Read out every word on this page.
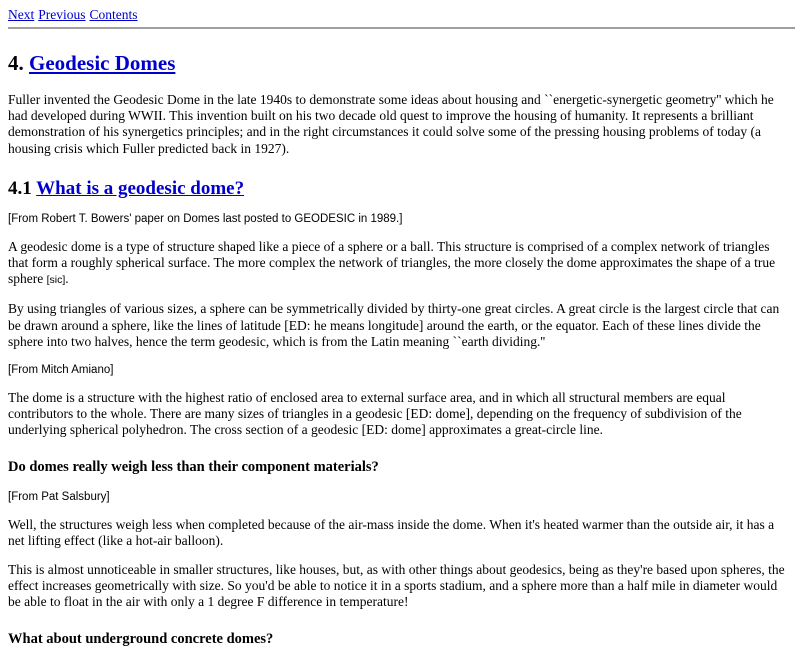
Next Previous Contents
4. Geodesic Domes

Fuller invented the Geodesic Dome in the late 1940s to demonstrate some ideas about housing and ``energetic-synergetic geometry'' which he had developed during WWII. This invention built on his two decade old quest to improve the housing of humanity. It represents a brilliant demonstration of his synergetics principles; and in the right circumstances it could solve some of the pressing housing problems of today (a housing crisis which Fuller predicted back in 1927).

4.1 What is a geodesic dome?

[From Robert T. Bowers' paper on Domes last posted to GEODESIC in 1989.]

A geodesic dome is a type of structure shaped like a piece of a sphere or a ball. This structure is comprised of a complex network of triangles that form a roughly spherical surface. The more complex the network of triangles, the more closely the dome approximates the shape of a true sphere [sic].

By using triangles of various sizes, a sphere can be symmetrically divided by thirty-one great circles. A great circle is the largest circle that can be drawn around a sphere, like the lines of latitude [ED: he means longitude] around the earth, or the equator. Each of these lines divide the sphere into two halves, hence the term geodesic, which is from the Latin meaning ``earth dividing.''

[From Mitch Amiano]

The dome is a structure with the highest ratio of enclosed area to external surface area, and in which all structural members are equal contributors to the whole. There are many sizes of triangles in a geodesic [ED: dome], depending on the frequency of subdivision of the underlying spherical polyhedron. The cross section of a geodesic [ED: dome] approximates a great-circle line.

Do domes really weigh less than their component materials?

[From Pat Salsbury]

Well, the structures weigh less when completed because of the air-mass inside the dome. When it's heated warmer than the outside air, it has a net lifting effect (like a hot-air balloon).

This is almost unnoticeable in smaller structures, like houses, but, as with other things about geodesics, being as they're based upon spheres, the effect increases geometrically with size. So you'd be able to notice it in a sports stadium, and a sphere more than a half mile in diameter would be able to float in the air with only a 1 degree F difference in temperature!

What about underground concrete domes?
